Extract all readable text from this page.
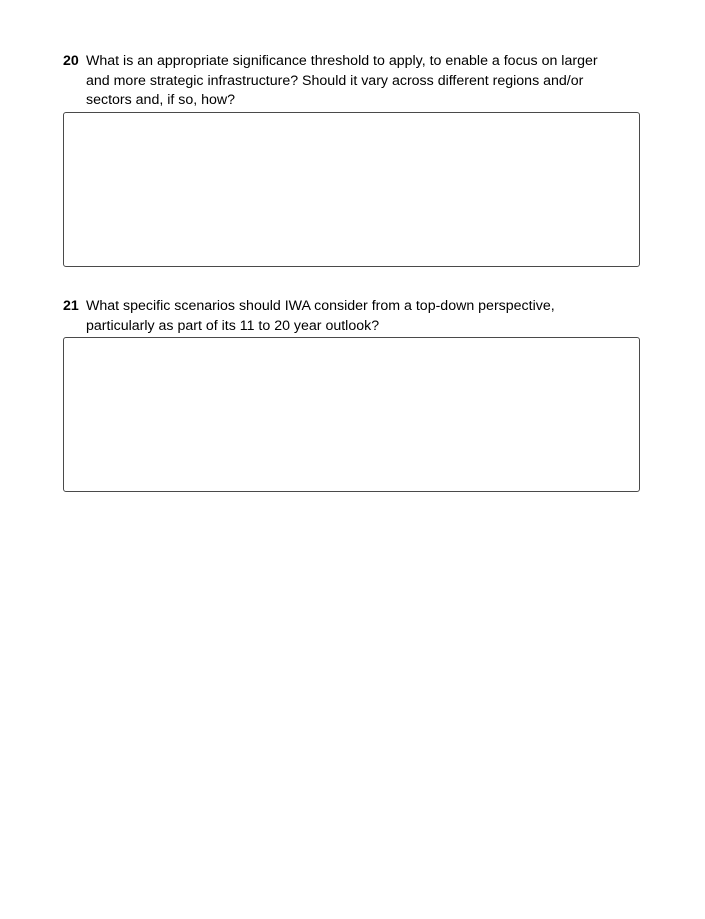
20 What is an appropriate significance threshold to apply, to enable a focus on larger and more strategic infrastructure? Should it vary across different regions and/or sectors and, if so, how?
21 What specific scenarios should IWA consider from a top-down perspective, particularly as part of its 11 to 20 year outlook?
